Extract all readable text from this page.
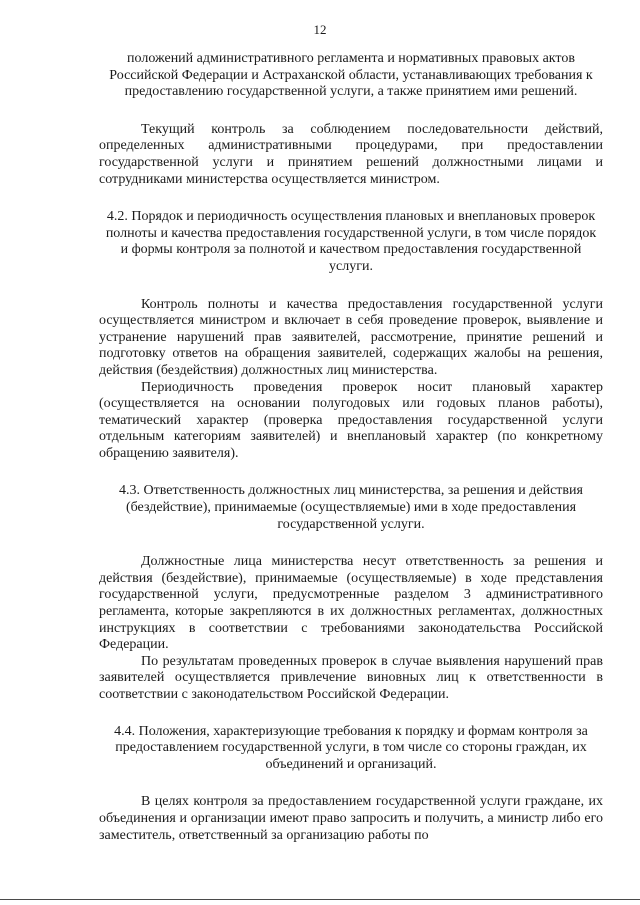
12

положений административного регламента и нормативных правовых актов Российской Федерации и Астраханской области, устанавливающих требования к предоставлению государственной услуги, а также принятием ими решений.

Текущий контроль за соблюдением последовательности действий, определенных административными процедурами, при предоставлении государственной услуги и принятием решений должностными лицами и сотрудниками министерства осуществляется министром.

4.2. Порядок и периодичность осуществления плановых и внеплановых проверок полноты и качества предоставления государственной услуги, в том числе порядок и формы контроля за полнотой и качеством предоставления государственной услуги.

Контроль полноты и качества предоставления государственной услуги осуществляется министром и включает в себя проведение проверок, выявление и устранение нарушений прав заявителей, рассмотрение, принятие решений и подготовку ответов на обращения заявителей, содержащих жалобы на решения, действия (бездействия) должностных лиц министерства.

Периодичность проведения проверок носит плановый характер (осуществляется на основании полугодовых или годовых планов работы), тематический характер (проверка предоставления государственной услуги отдельным категориям заявителей) и внеплановый характер (по конкретному обращению заявителя).

4.3. Ответственность должностных лиц министерства, за решения и действия (бездействие), принимаемые (осуществляемые) ими в ходе предоставления государственной услуги.

Должностные лица министерства несут ответственность за решения и действия (бездействие), принимаемые (осуществляемые) в ходе представления государственной услуги, предусмотренные разделом 3 административного регламента, которые закрепляются в их должностных регламентах, должностных инструкциях в соответствии с требованиями законодательства Российской Федерации.

По результатам проведенных проверок в случае выявления нарушений прав заявителей осуществляется привлечение виновных лиц к ответственности в соответствии с законодательством Российской Федерации.

4.4. Положения, характеризующие требования к порядку и формам контроля за предоставлением государственной услуги, в том числе со стороны граждан, их объединений и организаций.

В целях контроля за предоставлением государственной услуги граждане, их объединения и организации имеют право запросить и получить, а министр либо его заместитель, ответственный за организацию работы по
